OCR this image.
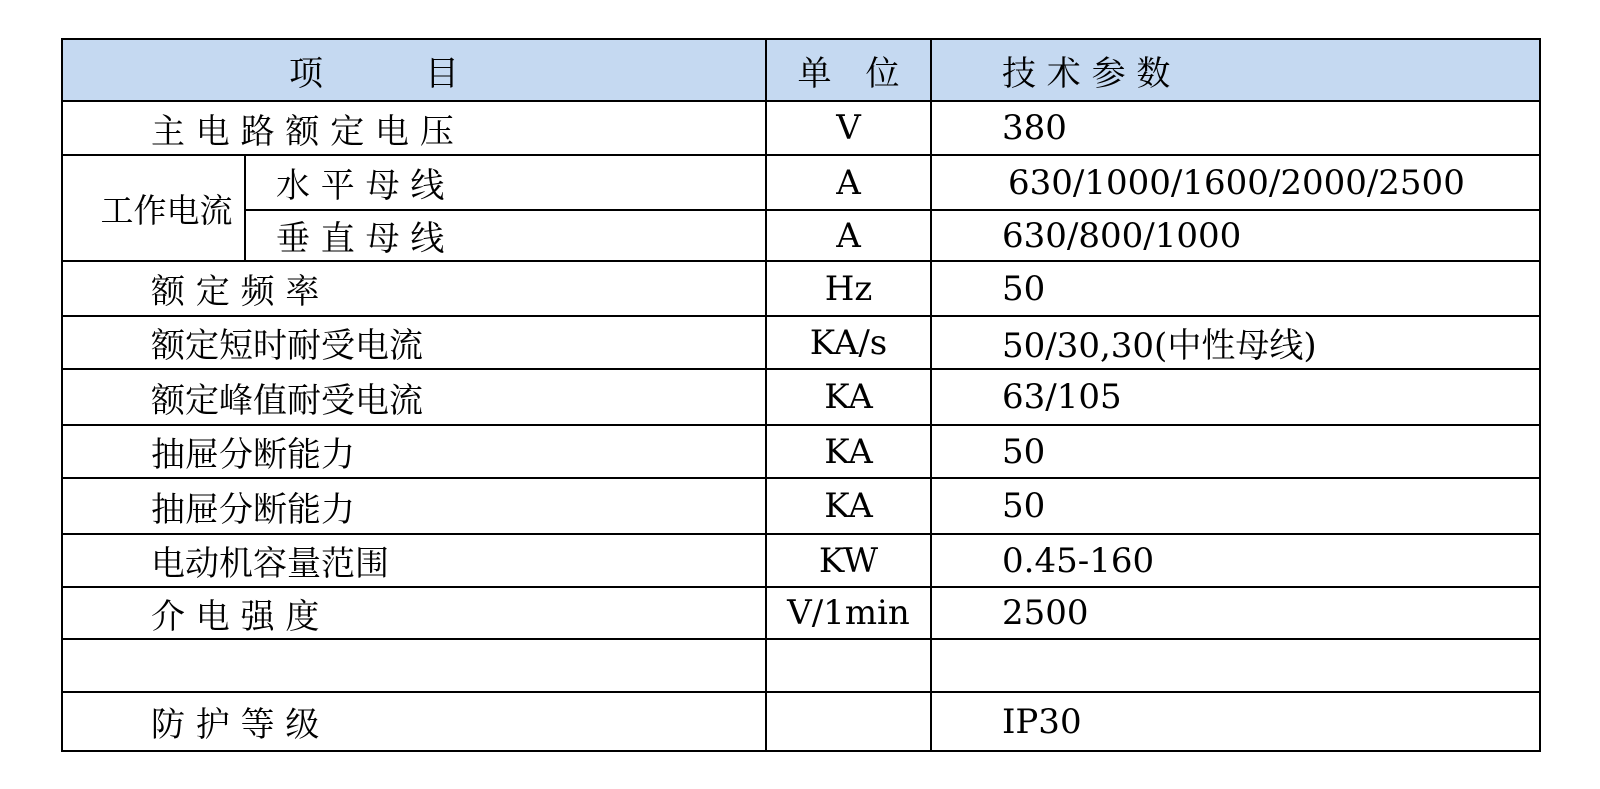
项　　　目		单　位	技 术 参 数
主 电 路 额 定 电 压		V	380
工作电流	水 平 母 线	A	630/1000/1600/2000/2500
	垂 直 母 线	A	630/800/1000
额 定 频 率		Hz	50
额定短时耐受电流		KA/s	50/30,30(中性母线)
额定峰值耐受电流		KA	63/105
抽屉分断能力		KA	50
抽屉分断能力		KA	50
电动机容量范围		KW	0.45-160
介 电 强 度		V/1min	2500

防 护 等 级			IP30
